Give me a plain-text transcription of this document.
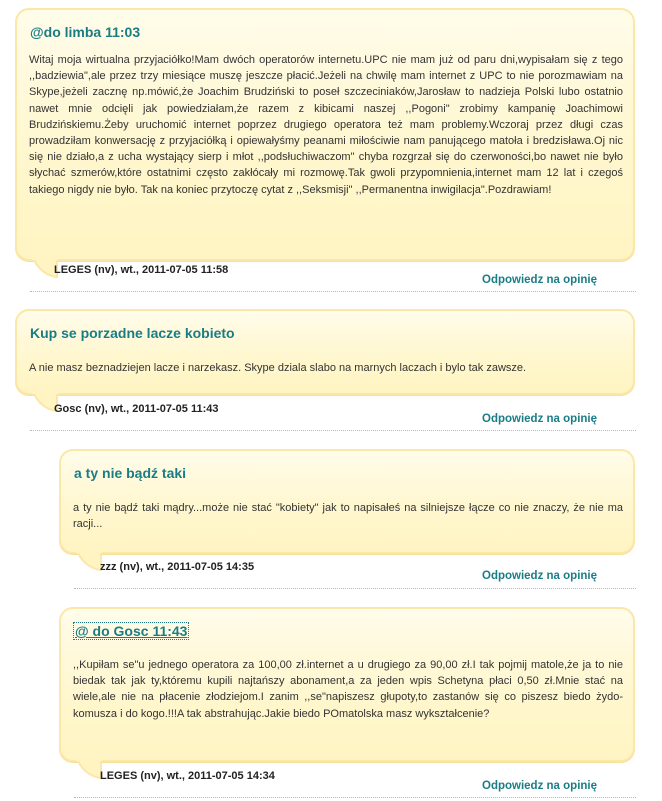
@do limba 11:03
Witaj moja wirtualna przyjaciółko!Mam dwóch operatorów internetu.UPC nie mam już od paru dni,wypisałam się z tego ,,badziewia",ale przez trzy miesiące muszę jeszcze płacić.Jeżeli na chwilę mam internet z UPC to nie porozmawiam na Skype,jeżeli zacznę np.mówić,że Joachim Brudziński to poseł szczeciniaków,Jarosław to nadzieja Polski lubo ostatnio nawet mnie odcięli jak powiedziałam,że razem z kibicami naszej ,,Pogoni" zrobimy kampanię Joachimowi Brudzińskiemu.Żeby uruchomić internet poprzez drugiego operatora też mam problemy.Wczoraj przez długi czas prowadziłam konwersację z przyjaciółką i opiewałyśmy peanami miłościwie nam panującego matoła i bredzisława.Oj nic się nie działo,a z ucha wystający sierp i młot ,,podsłuchiwaczom" chyba rozgrzał się do czerwoności,bo nawet nie było słychać szmerów,które ostatnimi często zakłócały mi rozmowę.Tak gwoli przypomnienia,internet mam 12 lat i czegoś takiego nigdy nie było. Tak na koniec przytoczę cytat z ,,Seksmisji" ,,Permanentna inwigilacja".Pozdrawiam!
LEGES (nv), wt., 2011-07-05 11:58
Odpowiedz na opinię
Kup se porzadne lacze kobieto
A nie masz beznadziejen lacze i narzekasz. Skype dziala slabo na marnych laczach i bylo tak zawsze.
Gosc (nv), wt., 2011-07-05 11:43
Odpowiedz na opinię
a ty nie bądź taki
a ty nie bądź taki mądry...może nie stać "kobiety" jak to napisałeś na silniejsze łącze co nie znaczy, że nie ma racji...
zzz (nv), wt., 2011-07-05 14:35
Odpowiedz na opinię
@ do Gosc 11:43
,,Kupiłam se"u jednego operatora za 100,00 zł.internet a u drugiego za 90,00 zł.I tak pojmij matole,że ja to nie biedak tak jak ty,któremu kupili najtańszy abonament,a za jeden wpis Schetyna płaci 0,50 zł.Mnie stać na wiele,ale nie na płacenie złodziejom.I zanim ,,se"napiszesz głupoty,to zastanów się co piszesz biedo żydo-komusza i do kogo.!!!A tak abstrahując.Jakie biedo POmatolska masz wykształcenie?
LEGES (nv), wt., 2011-07-05 14:34
Odpowiedz na opinię
